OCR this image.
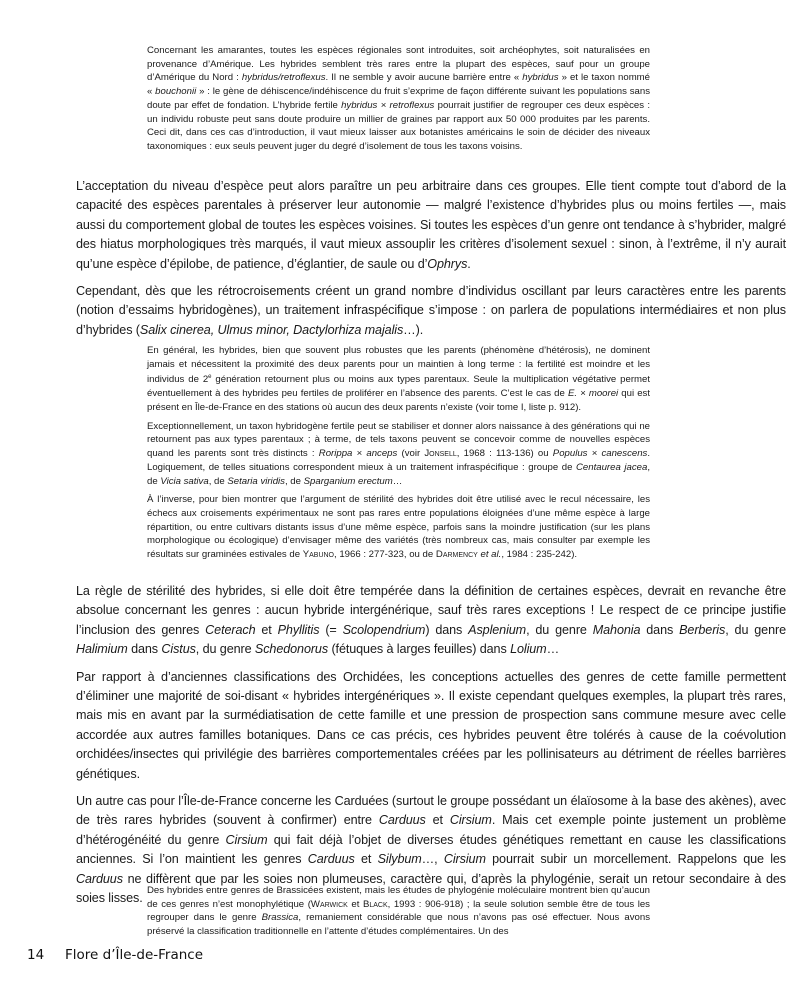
Concernant les amarantes, toutes les espèces régionales sont introduites, soit archéophytes, soit naturalisées en provenance d’Amérique. Les hybrides semblent très rares entre la plupart des espèces, sauf pour un groupe d’Amérique du Nord : hybridus/retroflexus. Il ne semble y avoir aucune barrière entre « hybridus » et le taxon nommé « bouchonii » : le gène de déhiscence/indéhiscence du fruit s’exprime de façon différente suivant les populations sans doute par effet de fondation. L’hybride fertile hybridus × retroflexus pourrait justifier de regrouper ces deux espèces : un individu robuste peut sans doute produire un millier de graines par rapport aux 50 000 produites par les parents. Ceci dit, dans ces cas d’introduction, il vaut mieux laisser aux botanistes américains le soin de décider des niveaux taxonomiques : eux seuls peuvent juger du degré d’isolement de tous les taxons voisins.

L’acceptation du niveau d’espèce peut alors paraître un peu arbitraire dans ces groupes. Elle tient compte tout d’abord de la capacité des espèces parentales à préserver leur autonomie — malgré l’existence d’hybrides plus ou moins fertiles —, mais aussi du comportement global de toutes les espèces voisines. Si toutes les espèces d’un genre ont tendance à s’hybrider, malgré des hiatus morphologiques très marqués, il vaut mieux assouplir les critères d’isolement sexuel : sinon, à l’extrême, il n’y aurait qu’une espèce d’épilobe, de patience, d’églantier, de saule ou d’Ophrys.

Cependant, dès que les rétrocroisements créent un grand nombre d’individus oscillant par leurs caractères entre les parents (notion d’essaims hybridogènes), un traitement infraspécifique s’impose : on parlera de populations intermédiaires et non plus d’hybrides (Salix cinerea, Ulmus minor, Dactylorhiza majalis…).

En général, les hybrides, bien que souvent plus robustes que les parents (phénomène d’hétérosis), ne dominent jamais et nécessitent la proximité des deux parents pour un maintien à long terme : la fertilité est moindre et les individus de 2e génération retournent plus ou moins aux types parentaux. Seule la multiplication végétative permet éventuellement à des hybrides peu fertiles de proliférer en l’absence des parents. C’est le cas de E. × moorei qui est présent en Île-de-France en des stations où aucun des deux parents n’existe (voir tome I, liste p. 912).

Exceptionnellement, un taxon hybridogène fertile peut se stabiliser et donner alors naissance à des générations qui ne retournent pas aux types parentaux ; à terme, de tels taxons peuvent se concevoir comme de nouvelles espèces quand les parents sont très distincts : Rorippa × anceps (voir Jonsell, 1968 : 113-136) ou Populus × canescens. Logiquement, de telles situations correspondent mieux à un traitement infraspécifique : groupe de Centaurea jacea, de Vicia sativa, de Setaria viridis, de Sparganium erectum…

À l’inverse, pour bien montrer que l’argument de stérilité des hybrides doit être utilisé avec le recul nécessaire, les échecs aux croisements expérimentaux ne sont pas rares entre populations éloignées d’une même espèce à large répartition, ou entre cultivars distants issus d’une même espèce, parfois sans la moindre justification (sur les plans morphologique ou écologique) d’envisager même des variétés (très nombreux cas, mais consulter par exemple les résultats sur graminées estivales de Yabuno, 1966 : 277-323, ou de Darmency et al., 1984 : 235-242).

La règle de stérilité des hybrides, si elle doit être tempérée dans la définition de certaines espèces, devrait en revanche être absolue concernant les genres : aucun hybride intergénérique, sauf très rares exceptions ! Le respect de ce principe justifie l’inclusion des genres Ceterach et Phyllitis (= Scolopendrium) dans Asplenium, du genre Mahonia dans Berberis, du genre Halimium dans Cistus, du genre Schedonorus (fétuques à larges feuilles) dans Lolium…

Par rapport à d’anciennes classifications des Orchidées, les conceptions actuelles des genres de cette famille permettent d’éliminer une majorité de soi-disant « hybrides intergénériques ». Il existe cependant quelques exemples, la plupart très rares, mais mis en avant par la surmédiatisation de cette famille et une pression de prospection sans commune mesure avec celle accordée aux autres familles botaniques. Dans ce cas précis, ces hybrides peuvent être tolérés à cause de la coévolution orchidées/insectes qui privilégie des barrières comportementales créées par les pollinisateurs au détriment de réelles barrières génétiques.

Un autre cas pour l’Île-de-France concerne les Carduées (surtout le groupe possédant un élaïosome à la base des akènes), avec de très rares hybrides (souvent à confirmer) entre Carduus et Cirsium. Mais cet exemple pointe justement un problème d’hétérogénéité du genre Cirsium qui fait déjà l’objet de diverses études génétiques remettant en cause les classifications anciennes. Si l’on maintient les genres Carduus et Silybum…, Cirsium pourrait subir un morcellement. Rappelons que les Carduus ne diffèrent que par les soies non plumeuses, caractère qui, d’après la phylogénie, serait un retour secondaire à des soies lisses.

Des hybrides entre genres de Brassicées existent, mais les études de phylogénie moléculaire montrent bien qu’aucun de ces genres n’est monophylétique (Warwick et Black, 1993 : 906-918) ; la seule solution semble être de tous les regrouper dans le genre Brassica, remaniement considérable que nous n’avons pas osé effectuer. Nous avons préservé la classification traditionnelle en l’attente d’études complémentaires. Un des

14 Flore d’Île-de-France
